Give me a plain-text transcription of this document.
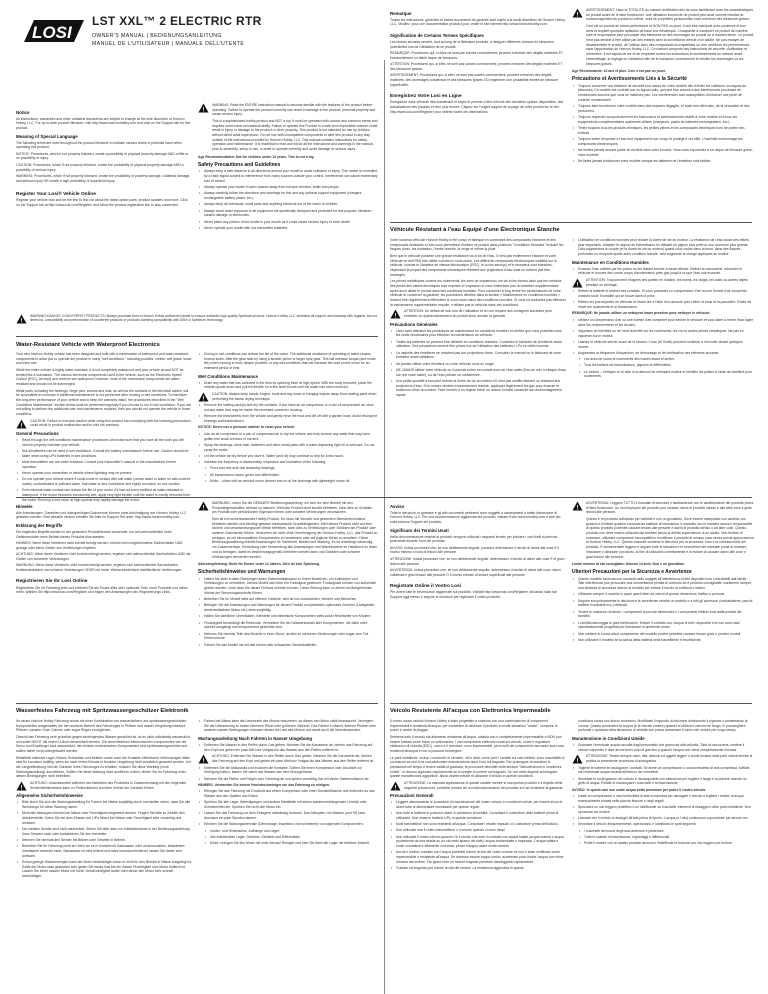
LOSI
LST XXL™ 2 ELECTRIC RTR
OWNER'S MANUAL | BEDIENUNGSANLEITUNG
MANUEL DE L'UTILISATEUR | MANUALE DELL'UTENTE
Notice

All instructions, warranties and other collateral documents are subject to change at the sole discretion of Horizon Hobby, LLC. For up-to-date product literature, visit http://www.horizonhobby.com and click on the Support tab for this product.

Meaning of Special Language

The following terms are used throughout the product literature to indicate various levels of potential harm when operating this product:

NOTICE: Procedures, which if not properly followed, create a possibility of physical property damage AND a little or no possibility of injury.

CAUTION: Procedures, which if not properly followed, create the probability of physical property damage AND a possibility of serious injury.

WARNING: Procedures, which if not properly followed, create the probability of property damage, collateral damage, and serious injury OR create a high probability of superficial injury.

Register Your Losi® Vehicle Online

Register your vehicle now and be the first to find out about the latest option parts, product updates and more. Click on the Support tab at http://www.losi.com/Register/ and follow the product registration link to stay connected.

!

WARNING: Read the ENTIRE instruction manual to become familiar with the features of the product before operating. Failure to operate the product correctly can result in damage to the product, personal property and cause serious injury.

This is a sophisticated hobby product and NOT a toy. It must be operated with caution and common sense and requires some basic mechanical ability. Failure to operate this Product in a safe and responsible manner could result in injury or damage to the product or other property. This product is not intended for use by children without direct adult supervision. Do not use with incompatible components or alter this product in any way outside of the instructions provided by Horizon Hobby, LLC. This manual contains instructions for safety, operation and maintenance. It is essential to read and follow all the instructions and warnings in the manual, prior to assembly, setup or use, in order to operate correctly and avoid damage or serious injury.

Age Recommendation: Not for children under 14 years. This is not a toy.

Safety Precautions and Guidelines
• Always keep a safe distance in all directions around your model to avoid collisions or injury. This model is controlled by a radio signal subject to interference from many sources outside your control. Interference can cause momentary loss of control.
• Always operate your model in open spaces away from full-size vehicles, traffic and people.
• Always carefully follow the directions and warnings for this and any optional support equipment (chargers, rechargeable battery packs, etc.).
• Always keep all chemicals, small parts and anything electrical out of the reach of children.
• Always avoid water exposure to all equipment not specifically designed and protected for this purpose. Moisture causes damage to electronics.
• Never place any portion of the model in your mouth as it could cause serious injury or even death.
• Never operate your model with low transmitter batteries.
!
WARNING AGAINST COUNTERFEIT PRODUCTS: Always purchase from a Horizon Hobby authorized dealer to ensure authentic high-quality Spektrum product. Horizon Hobby, LLC disclaims all support and warranty with regards, but not limited to, compatibility and performance of counterfeit products or products claiming compatibility with DSM or Spektrum technology.
Water-Resistant Vehicle with Waterproof Electronics

Your new Horizon Hobby vehicle has been designed and built with a combination of waterproof and water-resistant components to allow you to operate the product in many "wet conditions," including puddles, creeks, wet grass, snow and even rain.

While the entire vehicle is highly water-resistant, it is not completely waterproof and your vehicle should NOT be treated like a submarine. The various electronic components used in the vehicle, such as the Electronic Speed Control (ESC), servo(s) and receiver are waterproof, however, most of the mechanical components are water-resistant and should not be submerged.

Metal parts, including the bearings, hinge pins, screws and nuts, as well as the contacts in the electrical cables, will be susceptible to corrosion if additional maintenance is not performed after running in wet conditions. To maximize the long-term performance of your vehicle and to keep the warranty intact, the procedures described in the "Wet Conditions Maintenance" section below must be performed regularly if you choose to run in wet conditions. If you are not willing to perform the additional care and maintenance required, then you should not operate the vehicle in those conditions.

!

CAUTION: Failure to exercise caution while using this product and complying with the following precautions could result in product malfunction and/or void the warranty.

General Precautions
• Read through the wet conditions maintenance procedures and make sure that you have all the tools you will need to properly maintain your vehicle.
• Not all batteries can be used in wet conditions. Consult the battery manufacturer before use. Caution should be taken when using LiPo batteries in wet conditions.
• Most transmitters are not water-resistant. Consult your transmitter's manual or the manufacturer before operation.
• Never operate your transmitter or vehicle where lightning may be present.
• Do not operate your vehicle where it could come in contact with salt water (ocean water or water on salt-covered roads), contaminated or polluted water. Salt water is very conductive and highly corrosive, so use caution.
• Even minimal water contact can reduce the life of your motor if it has not been certified as water-resistant or waterproof. If the motor becomes excessively wet, apply very light throttle until the water is mostly removed from the motor. Running a wet motor at high speeds may rapidly damage the motor.
• Driving in wet conditions can reduce the life of the motor. The additional resistance of operating in water causes excess strain. Alter the gear ratio by using a smaller pinion or larger spur gear. This will increase torque (and motor life) when running in mud, deeper puddles, or any wet conditions that will increase the load on the motor for an extended period of time.
Wet Conditions Maintenance
• Drain any water that has collected in the tires by spinning them at high speed. With the body removed, place the vehicle upside down and pull full throttle for a few short bursts until the water has been removed.
!

CAUTION: Always keep hands, fingers, tools and any loose or hanging objects away from rotating parts when performing the above drying technique.

• Remove the battery pack(s) and dry the contacts. If you have an air compressor or a can of compressed air, blow out any water that may be inside the recessed connector housing.
• Remove the tires/wheels from the vehicle and gently rinse the mud and dirt off with a garden hose. Avoid rinsing the bearings and transmission.

NOTICE: Never use a pressure washer to clean your vehicle.

• Use an air compressor or a can of compressed air to dry the vehicle and help remove any water that may have gotten into small crevices or corners.
• Spray the bearings, drive train, fasteners and other metal parts with a water-displacing light oil or lubricant. Do not spray the motor.
• Let the vehicle air dry before you store it. Water (and oil) may continue to drip for a few hours.
• Increase the frequency of disassembly, inspection and lubrication of the following:
• Front and rear axle hub assembly bearings.
• All transmission cases, gears and differentials.
• Motor – clean with an aerosol motor cleaner and re-oil the bushings with lightweight motor oil.
Remarque

Toutes les instructions, garanties et autres documents de garantie sont sujets à la seule discrétion de Horizon Hobby, LLC. Veuillez, pour une documentation produit à jour, visiter le site internet http://www.horizonhobby.com.

Signification de Certains Termes Spécifiques

Les termes suivants servent, tout au long de la littérature produits, à désigner différents niveaux de blessures potentielles lors de l'utilisation de ce produit:

REMARQUE: Procédures qui, si elles ne sont pas suivies correctement, peuvent entraîner des dégâts matériels ET éventuellement un faible risque de blessures.

ATTENTION: Procédures qui, si elles ne sont pas suivies correctement, peuvent entraîner des dégâts matériels ET des blessures graves.

AVERTISSEMENT: Procédures qui, si elles ne sont pas suivies correctement, peuvent entraîner des dégâts matériels, des dommages collatéraux et des blessures graves OU engendrer une probabilité élevée de blessure superficielle.

Enregistrez Votre Losi en Ligne

Enregistrez votre véhicule dès maintenant et soyez le premier à être informé des dernières options disponibles, des actualisations des produits et bien plus encore. Cliquez sur l'onglet support de la page de votre produit sur le site http://www.losi.com/Register/ pour obtenir toutes les informations.

!

AVERTISSEMENT: Lisez la TOTALITÉ du manuel d'utilisation afin de vous familiariser avec les caractéristiques du produit avant de le faire fonctionner. Une utilisation incorrecte du produit peut avoir comme résultat un endommagement du produit lui-même, celui de propriétés personnelles voire entraîner des blessures graves.

Ceci est un produit de loisirs perfectionné et NON PAS un jouet. Il doit être manipulé avec prudence et bon sens et requiert quelques aptitudes de base à la mécanique. L'incapacité à manipuler ce produit de manière sûre et responsable peut provoquer des blessures ou des dommages au produit ou à d'autres biens. Ce produit n'est pas destiné à être utilisé par des enfants sans la surveillance directe d'un adulte. Ne pas essayer de désassembler le produit, de l'utiliser avec des composants incompatibles ou d'en améliorer les performances sans l'approbation de Horizon Hobby, LLC. Ce manuel comporte des instructions de sécurité, d'utilisation et d'entretien. Il est capital de lire et de respecter toutes les instructions et avertissements du manuel avant l'assemblage, le réglage ou l'utilisation afin de le manipuler correctement et d'éviter les dommages ou les blessures graves.

Age Recommandé: 14 ans et plus. Ceci n'est pas un jouet.

Précautions et Avertissements Liés à la Sécurité
• Toujours conserver une distance de sécurité tout autour de votre modèle afin d'éviter les collisions ou risques de blessures. Ce modèle est contrôlé par un signal radio, qui peut être soumis à des interférences provenant de nombreuses sources que vous ne maîtrisez pas. Les interférences sont susceptibles d'entraîner une perte de contrôle momentanée.
• Toujours faire fonctionner votre modèle dans des espaces dégagés, à l'écart des véhicules, de la circulation et des personnes.
• Toujours respecter scrupuleusement les instructions et avertissements relatifs à votre modèle et à tous les équipements complémentaires optionnels utilisés (chargeurs, packs de batteries rechargeables, etc.).
• Tenez toujours tous les produits chimiques, les petites pièces et les composants électriques hors de portée des enfants.
• Toujours éviter d'exposer à l'eau tout équipement non conçu et protégé à cet effet. L'humidité endommage les composants électroniques.
• Ne mettez jamais aucune partie du modèle dans votre bouche. Vous vous exposeriez à un risque de blessure grave, voire mortelle.
• Ne faites jamais fonctionner votre modèle lorsque les batteries de l'émetteur sont faibles.
Véhicule Résistant à l'eau Équipé d'une Électronique Étanche

Votre nouveau véhicule Horizon Hobby a été conçu et fabriqué en combinant des composants étanches et des composants résistants à l'eau vous permettant d'utiliser ce produit dans plusieurs "Conditions Humides" incluant les flaques d'eau, les ruisseaux, l'herbe humide, la neige et même la pluie.

Bien que le véhicule possède une grande résistance vis à vis de l'eau, il n'est pas entièrement étanche et votre véhicule ne doit PAS être utilisé comme un sous-marin. Les différents composants électroniques installés sur le véhicule, comme le Variateur de vitesse électronique (ESC), le ou les servo(s) et le récepteur sont étanches, cependant la plupart des composants mécaniques résistent aux projections d'eau mais ne doivent pas être immergés.

Les pièces métalliques comme les roulements, les axes de suspension, les vis et les écrous ainsi que les contacts des prises des câbles électriques sont exposés à l'oxydation si vous n'effectuez pas un entretien supplémentaire après avoir utilisé le produit dans des conditions humides. Pour conserver à long terme les performances de votre véhicule et conserver la garantie, les procédures décrites dans la section « Maintenance en conditions humides » doivent être régulièrement effectuées si vous roulez dans des conditions humides. Si vous ne souhaitez pas effectuer la maintenance supplémentaire requise, n'utilisez pas le véhicule dans ces conditions.

!

ATTENTION: Un défaut de soin lors de l'utilisation et un non respect des consignes suivantes peut entraîner un dysfonctionnement du produit et/ou annuler la garantie.

Précautions Générales
• Lisez avec attention les procédures de maintenance en conditions humides et vérifiez que vous possédez tous les outils nécessaires pour effectuer la maintenance du véhicule.
• Toutes les batteries ne peuvent être utilisées en conditions humides. Consultez le fabricant de la batterie avant utilisation. Des précautions doivent être prises lors de l'utilisation des batteries Li-Po en milieu humide.
• La majorité des émetteurs ne résistent pas aux projections d'eau. Consultez le manuel ou le fabricant de votre émetteur avant utilisation.
• Ne jamais utiliser votre émetteur ou votre véhicule sous un orage.
• NE JAMAIS utiliser votre véhicule où il pourrait entrer en contact avec de l'eau salée (Eau de mer ou flaque d'eau sur une route salée), ou de l'eau polluée ou contaminée.
• Une petite quantité d'eau peut réduire la durée de vie du moteur s'il n'est pas certifié étanche ou résistant aux projections d'eau. Si le moteur devient excessivement humide, appliquez légèrement les gaz pour évacuer le maximum d'eau du moteur. Faire tourner à un régime élevé un moteur humide causerait son endommagement rapide.
• L'utilisation en conditions humides peut réduire la durée de vie du moteur. La résistance de l'eau cause des efforts plus importants. Adaptez le rapport de transmission en utilisant un pignon plus petit ou une couronne plus grande. Cela augmentera le couple (et la durée de vie du moteur) quand vous roulez dans la boue, dans des flaques profondes ou n'importe quelle autre condition humide, cela augmente la charge appliquée au moteur.
Maintenance en Conditions Humides
• Evacuez l'eau colléeé par les pneus en les faisant tourner à haute vitesse. Retirez la carrosserie, retournez le véhicule et donnez des courts coups d'accélérateur plein gaz jusqu'à ce que l'eau soit évacuée.
!

ATTENTION: Toujours tenir éloignés des parties en rotation, les mains, les doigts, les outils ou autres objets pendant ou séchage.

• Retirez la batterie et séchez ses contacts. Si vous possédez un compresseur d'air ou une bombe d'air comprimé, chassez toute l'humidité qui se trouve dans la prise.
• Retirez les pneus/jantes du véhicule et rincez-les à l'aide d'un arrosoir pour retirer la boue et la poussière. Evitez de rincer les roulements et la transmission.

REMARQUE: Ne jamais utiliser un nettoyeur haute pression pour nettoyer le véhicule.

• Utilisez un compresseur d'air ou une bombe d'air comprimé pour sécher le véhicule et vous aider à retirer l'eau logée dans les renfoncements et les recoins.
• Vaporisez du lubrifiant ou de l'anti-humidité sur les roulements, les vis ou autres pièces métalliques. Ne pas en vaporiser sur le moteur.
• Laissez le véhicule sécher avant de le stocker. L'eau (et l'huile) peuvent continuer à s'écouler durant quelques heures.
• Augmentez la fréquence d'inspection, de démontage et de lubrification des éléments suivants:
• Les axes de roues et roulements des fusées avant et arrière.
• Tous les boîtiers de transmissions, pignons et différentiels.
• Le moteur – nettoyez-le à l'aide d'un aérosol de nettoyant moteur et lubrifiez les paliers à l'aide de lubrifiant pour roulements.
Hinweis

Alle Anweisungen, Garantien und dazugehörigen Dokumente können ohne Ankündigung von Horizon Hobby, LLC geändert werden. Eine aktuelle Version erhalten Sie bitte im Support Teil unter: http://www.horizonhobby.com

Erklärung der Begriffe

Die folgenden Begriffe werden in der gesamten Produktliteratur verwendet, um auf unterschiedlich hohe Gefahrenstufen beim Betrieb dieses Produkts hinzuweisen:

HINWEIS: Wenn diese Verfahren nicht korrekt befolgt werden, können sich möglicherweise Sachschäden UND geringe oder keine Gefahr von Verletzungen ergeben.

ACHTUNG: Wenn diese Verfahren nicht korrekt befolgt werden, ergeben sich wahrscheinlich Sachschäden UND die Gefahr von schweren Verletzungen.

WARNUNG: Wenn diese Verfahren nicht korrekt befolgt werden, ergeben sich wahrscheinlich Sachschäden, Kollateralschäden und schwere Verletzungen ODER mit hoher Wahrscheinlichkeit oberflächliche Verletzungen.

Registrieren Sie Ihr Losi Online

Registrieren Sie Ihr Fahrzeug jetzt und erfahren Sie als Erstes alles über optionale Teile, neue Produkte und vieles mehr. Wählen Sie http://www.losi.com/Register/ und folgen den Anweisungen des Registrierungs Links.

!

WARNUNG: Lesen Sie die GESAMTE Bedienungsanleitung, um sich vor dem Betrieb mit den Produkteigenschaften vertraut zu machen. Wird das Produkt nicht korrekt betrieben, kann dies zu Schäden am Produkt oder persönlichem Eigentum führen oder schwere Verletzungen verursachen.

Dies ist ein hochentwickeltes Hobby-Produkt. Es muss mit Vorsicht und gesundem Menschenverstand betrieben werden und benötigt gewisse mechanische Grundfähigkeiten. Wird dieses Produkt nicht auf eine sichere und verantwortungsvolle Weise betrieben, kann dies zu Verletzungen oder Schäden am Produkt oder anderen Sachwerten führen. Versuchen sie nicht ohne Genehmigung der Horizon Hobby, LLC, das Produkt zu zerlegen, es mit inkompatiblen Komponenten zu verwenden oder auf jegliche Weise zu erweitern. Diese Bedienungsanleitung enthält Anweisungen für Sicherheit, Betrieb und Wartung. Es ist unbedingt notwendig, vor Zusammenbau, Einrichtung oder Verwendung alle Anweisungen und Warnhinweise im Handbuch zu lesen und zu befolgen, damit es bestimmungsgemäß betrieben werden kann und Schäden oder schwere Verletzungen vermieden werden.

Altersempfehlung: Nicht für Kinder unter 14 Jahren. Dies ist kein Spielzeug.

Sicherheitshinweise und Warnungen
• Halten Sie stets in allen Richtungen einen Sicherheitsabstand zu Ihrem Modell ein, um Kollisionen und Verletzungen zu vermeiden. Dieses Modell wird über ein Funksignal gesteuert. Funksignale können von außerhalb gestört werden, ohne dass Sie darauf Einfluss nehmen können. Diese Störung kann zu einem vorübergehenden Verlust der Steuerungskontrolle führen.
• Betreiben Sie Ihr Modell stets auf offenem Gelände, weit ab von Automobilen, Verkehr und Menschen.
• Befolgen Sie die Anweisungen und Warnungen für dieses Produkt und jedwedes optionales Zubehör (Ladegeräte, wiederaufladbare Akkus etc.) stets sorgfältig.
• Halten Sie sämtliche Chemikalien, Kleinteile und elektrische Komponenten stets außer Reichweite von Kindern.
• Feuchtigkeit beschädigt die Elektronik. Vermeiden Sie den Wasserkontakt aller Komponenten, die dafür nicht speziell ausgelegt und entsprechend geschützt sind.
• Nehmen Sie niemals Teile des Modells in Ihren Mund, da dies zu schweren Verletzungen oder sogar zum Tod führen könnte.
• Fahren Sie das Modell nie mit fast leeren oder schwachen Senderbatterien.
Wasserfestes Fahrzeug mit Spritzwassergeschützer Elektronik

Ihr neues Horizon Hobby Fahrzeug wurde mit einer Kombination von wasserdichten und spritzwassergeschützten Komponenten ausgestattet, die den sicheren Betrieb des Fahrzeuges in Pfützen und nasser Umgebung inklusive Pfützen, nassem Gras, Schnee oder sogar Regen ermöglichen.

Obwohl das Fahrzeug sehr gründlich gegen eindringendes Wasser geschützt ist, ist es nicht vollständig wasserdicht und sollte NICHT mit einem U-Boot verwechselt werden. Die verschiedenen elektronischen Komponenten wie der Servo und Empfänger sind wasserdicht, die meisten mechanischen Komponenten sind spritzwassergeschützt und sollten daher nicht untergetaucht werden.

Metallteile inklusive Lager, Bolzen Schrauben und Muttern sowie auch die Kontakte elektrischer Verbindungen fällen sind für korrosion anfällig, wenn sie nach einem Einsatz in feuchter Umgebung nicht zusätzlich gewartet werden. Um die Langzeitleistung und die Garantie Ihres Fahrzeuges zu erhalten, müssen Sie diese Wartung (nicht Wartungsanleitung) durchführen. Sollten Sie diese Wartung nicht ausführen wollen, dürfen Sie Ihr Fahrzeug unter diesen Bedingungen nicht betreiben.

!

ACHTUNG: Unachtsamkeit während des Betriebes des Produktes in Zusammenhang mit den folgenden Sicherheitshinweisen kann zu Fehlfunktionen und dem Verlust der Garantie führen.

Allgemeine Sicherheitshinweise
• Bitte lesen Sie sich die Wartungsanleitung für Fahren bei Nässe sorgfältig durch und stellen sicher, dass Sie alle Werkzeuge für diese Wartung haben.
• Nicht alle Akkutypen können bei Nässe oder Feuchtigkeit eingesetzt werden. Fragen Sie bitte im Zweifel den Akkuhersteller. Seien Sie bei dem Einsatz von LiPo Akkus bei Nässe oder Feuchtigkeit sehr vorsichtig und achtsam.
• Die meisten Sender sind nicht wasserfest. Sehen Sie bitte dazu vor Inbetriebnahme in der Bedienungsanleitung Ihres Senders nach oder kontaktieren Sie den Hersteller.
• Nehmen Sie niemals den Sender bei Blitzen oder Gewitter in Betrieb.
• Betreiben Sie Ihr Fahrzeug nicht an Orten wo es in Kontakt mit Salzwasser oder verschmutztem, belastetem Gewässern kommen kann. Salzwasser ist sehr leitend und stark korrosionsfördernd, lassen Sie daher sehr achtsam.
• Schon geringe Wassermengen kann der Motor beschädigen wenn er nicht für den Betrieb in Nässe ausgelegt ist. Sollte der Motor nass geworden sein geben Sie etwas Gas bis die meiste Feuchtigkeit vom Motor entfernt ist. Lassen Sie einen nassen Motor mit hoher Geschwindigkeit laufen wird dieser den Motor sehr schnell beschädigen.
• Fahren bei Nässe kann die Lebenszeit des Motors reduzieren, da dieses den Motor stärk beanspucht. Verringern Sie die Übersetzung zu einem kleineren Ritzel oder größeren Zahnrad. Das Fahren in Match, tieferen Pfützen oder anderen nassen Bedingungen reduziert dieses die Last des Motors und damit auch die Motortemperatur.
Wartungsanleitung Nach Fahrten in Nasser Umgebung
• Entfernen Sie Wasser in den Reifen durch Gas geben. Nehmen Sie die Karosserie ab, drehen das Fahrzeug auf den Kopf und geben ein paar Mal kurz Vollgas bis das Wasser aus den Reifen entfernt ist.
!

ACHTUNG: Entfernen Sie Wasser in den Reifen durch Gas geben. Nehmen Sie die Karosserie ab, drehen das Fahrzeug auf den Kopf und geben ein paar Mal kurz Vollgas bis das Wasser aus den Reifen entfernt ist.

• Entfernen Sie die Akkupacks und trocknen die Kontakte. Sollten Sie einen Kompressor oder Druckluft zur Verfügung haben, blasen Sie damit das Wasser aus dem Motorgehäuse.
• Nehmen Sie die Reifen und Felgen vom Fahrzeug ab und spülen vorsichtig Dar mit einem Gartenschlauch ab.

HINWEIS: Verwenden Sie keinen Hochdruckreiniger um das Fahrzeug zu reinigen.

• Reinigen Sie das Fahrzeug mit Druckluft aus einem Kompressor oder einer Druckluftflasche und entfernen so das Wasser aus den Spalten und Ecken.
• Sprühen Sie alle Lager, Befestigungen und andere Metallteile mit einem wasserverdrängenden Leichtöl oder Schmiermittel ein. Sprühen Sie nicht den Motor ein.
• Lassen Sie das Fahrzeug vor dem Einlagern vollständig trocknen. Das Abtropfen von Wasser (und Öl) kann durchaus ein paar Stunden dauern.
• Erhöhen Sie die Wartungsintervalle (Demontage, Inspektion und schmieren) von folgenden Komponenten:
• Vorder- und Hinterachse, Aufhänge und Lager.
• Alle Antriebsteile Lager, Getriebe, Getriebe und Differentiale.
• Motor: reinigen Sie den Motor mit einer Aerosol Reiniger und ölen Sie dann die Lager mit leichtem Motoröl.
Avviso

Tutte le istruzioni, le garanzie e gli altri documenti pertinenti sono soggetti a cambiamenti a totale discrezione di Horizon Hobby, LLC. Per una documentazione aggiornata sul prodotto, visitare il sito horizonhobby.com e fare clic sulla sezione Support del prodotto.

Significato dei Termini Usati

Nella documentazione relativa al prodotto vengono utilizzati i seguenti termini per indicare i vari livelli di pericolo potenziale durante l'uso del prodotto:

AVVISO: Indica procedure che, se non debitamente seguite, possono determinare il rischio di danni alle cose E il rischio minimo o nullo di lesioni alle persone.

ATTENZIONE: Indica procedure che, se non debitamente seguite, determinano il rischio di danni alle cose E di gravi lesioni alle persone.

AVVERTENZA: Indica procedure che, se non debitamente seguite, determinano il rischio di danni alle cose, danni collaterali e gravi lesioni alle persone O il rischio elevato di lesioni superficiali alle persone.

Registrate Online il Vostro Losi

Per avere tutte le informazioni aggiornate sul prodotto, Visitate http://www.losi.com/Register/ cliccando sulla tab Support oggi stesso e seguire le istruzioni per registrare il vostro prodotto.

!

AVVERTENZA: Leggere TUTTO il manuale di istruzioni e familiarizzare con le caratteristiche del prodotto prima di farlo funzionare. Un uso improprio del prodotto può causare danni al prodotto stesso e alle altre cose e gravi lesioni alle persone.

Questo è un prodotto sofisticato per hobbisti e non un giocattolo. Deve essere manipolato con cautela, con giudizio e richiede qualche conoscenza basilare di meccanica. Il mancato uso in maniera sicura e responsabile di questo prodotto potrebbe causare lesioni alle persone e danni al prodotto stesso o ad altre cose. Questo prodotto non deve essere utilizzato dai bambini senza la diretta supervisione di un adulto. Non tentare di smontare, utilizzare componenti incompatibili o modificare il prodotto in nessun caso senza previa approvazione di Horizon Hobby, LLC. Questo manuale contiene le istruzioni per la sicurezza, l'uso e la manutenzione del prodotto. È fondamentale leggere e seguire tutte le istruzioni e le avvertenze del manuale prima di montare, impostare o utilizzare il prodotto, al fine di utilizzarlo correttamente e di evitare di causare danni alle cose o gravi lesioni alle persone.

Limite minimo di età consigliato: Almeno 14 anni. Non è un giocattolo.

Ulteriori Precauzioni per la Sicurezza e Avvertenze
• Questo modello funziona con comandi radio soggetti all'interferenza di altri dispositivi non controllabili dall'utente. Tale interferenza può provocare una momentanea perdita di controllo ed è pertanto consigliabile mantenere sempre una distanza di sicurezza attorno al modello per evitare il rischio di collisioni o lesioni.
• Utilizzare sempre il modello in spazi aperti liberi da veicoli di grosse dimensioni, traffico o persone.
• Seguire scrupolosamente le istruzioni e le avvertenze relative al modello e a tutti gli accessori (caricabatterie, pacchi batterie ricaricabili ecc.) utilizzati.
• Tenere le sostanze chimiche, i componenti di piccole dimensioni e i componenti elettrici fuori dalla portata dei bambini.
• L'umidità danneggia le parti elettroniche. Evitare il contatto con l'acqua di tutti i dispositivi che non sono stati specificatamente progettati per funzionare in ambiente umido.
• Non mettere in bocca alcun componente del modello poiché potrebbe causare lesioni gravi o persino mortali.
• Non utilizzare il modello se la carica della batteria della trasmittente è insufficiente.
Veicolo Resistente All'acqua con Elettronica Impermeabile

Il vostro nuovo veicolo Horizon Hobby è stato progettato e costruito con una combinazione di componenti impermeabili e resistenti all'acqua, per consentire di utilizzare il prodotto in molte situazioni "umide", compresi le pozze e anche la pioggia.

Sebbene tutto il veicolo sia altamente resistente all'acqua, tuttavia non è completamente impermeabile e NON può essere trattato come fosse un sottomarino. I vari componenti elettronici usati sul veicolo, come il regolatore elettronico di velocità (ESC), i servi e il ricevitore, sono impermeabili, però molti dei componenti meccanici sono solo resistenti all'acqua e non si possono immergere.

Le parti metalliche, inclusi i cuscinetti, le cerniere, viti e dadi, come pure i contatti sui cavi elettrici, sono suscettibili di corrosione se non si fa una particolare manutenzione dopo l'uso sul bagnato. Per prolungare al massimo le prestazioni nel tempo e tenere valida la garanzia, le procedure descritte nella sezione "Manutenzione in condizioni umide", si devono applicare regolarmente se si sceglie di correre sul bagnato. Se non siete disposti ad eseguire queste manutenzioni aggiuntive, allora dovete evitare di utilizzare il veicolo in queste condizioni.

!

ATTENZIONE: La mancata applicazione di queste cautele mentre si usa questo prodotto e il rispetto delle seguenti precauzioni, potrebbe portare ad un malfunzionamento del prodotto e/o ad invalidare la garanzia.

Precauzioni Generali
• Leggere attentamente le procedure di manutenzione del vostro veicolo in condizioni umide, per essere sicuri di avere tutte le attrezzature necessarie per queste regole.
• Non tutte le batterie si possono usare in condizioni di umidità. Consultare il costruttore delle batterie prima di utilizzarle. Non usate le batterie LiPo in queste condizioni.
• Molti trasmettitori non sono resistenti all'acqua. Consultate i relativi manuali o il costruttore prima dell'utilizzo.
• Non utilizzate mai il vostro trasmettitore o il veicolo quando ci sono lampi.
• Non utilizzate il vostro veicolo quando c'è il rischio che entri in contatto con acqua salata (acqua marina o acqua proveniente da una strada su cui sia stato sparso del sale), acqua contaminata o inquinata. L'acqua salata è molto conduttiva e altamente corrosiva, perciò bisogna usare molta cautela.
• Anche il minimo contatto con l'acqua potrebbe ridurre la vita del vostro motore se non è stato certificato come impermeabile o resistente all'acqua. Se dovesse essere troppo umido, accelerate poco finché l'acqua non viene rimossa dal motore. Far girare forte un motore bagnato potrebbe danneggiarlo rapidamente.
• Guidare sul bagnato può ridurre la vita del motore. La resistenza aggiuntiva in queste

condizioni causa uno sforzo eccessivo. Modificate il rapporto di riduzione diminuendo il pignone o aumentando la corona. Questo aumenterà la coppia (e la vita del motore) quando si utilizza il veicolo nel fango, in pozzanghere profonde o qualsiasi altra situazione di umidità che possa aumentare il carico del motore per lungo tempo.

Manutenzione in Condizioni Umide
• Scaricare l'eventuale acqua raccolta dagli pneumatici che girano ad alta velocità. Tolta la carrozzeria, mettere il veicolo capovolto e dare alcuni brevi colpi di gas fino a quando l'acqua non viene completamente rimossa.
!

ATTENZIONE: Tenere sempre mani, dita, attrezzi ed oggetti leggeri o sciolti lontano dalle parti rotanti mentre si pratica la precedente procedura di asciugatura.

• Togliere le batterie ed asciugarne i contatti. Se avete un compressore o una bomboletta di aria compressa, soffiate via l'eventuale acqua rimasta all'interno dei connettori.
• Smontate le ruote/gomme del veicolo e risciacquatele con attenzione per togliere il fango e la polvere usando un getto di acqua. Evitate di risciacquare i cuscinetti e la trasmissione.

AVVISO: In questi casi non usate acqua sotto pressione per pulire il vostro veicolo.

• Usate un compressore o una bomboletta di aria compressa per asciugare il veicolo e togliere i residui di acqua eventualmente rimasti nelle piccole fessure o negli angoli.
• Spruzzare un olio leggero protettivo o un lubrificante su cuscinetti, elementi di fissaggio e altre parti metalliche. Non spruzzare sul motore.
• Lasciate che il veicolo si asciughi all'aria prima di riporlo. L'acqua (e l'olio) continuano a gocciolare per alcune ore.
• Smontare il veicolo frequentemente, ispezionarlo e lubrificarlo le parti seguenti:
• I cuscinetti dei mozzi degli assi anteriore e posteriore.
• Tutte le scatole di trasmissione, ingranaggi e differenziali.
• Pulite il motore con un adatto prodotto aerosol e rilubrificate le boccole con olio leggero per motore.
